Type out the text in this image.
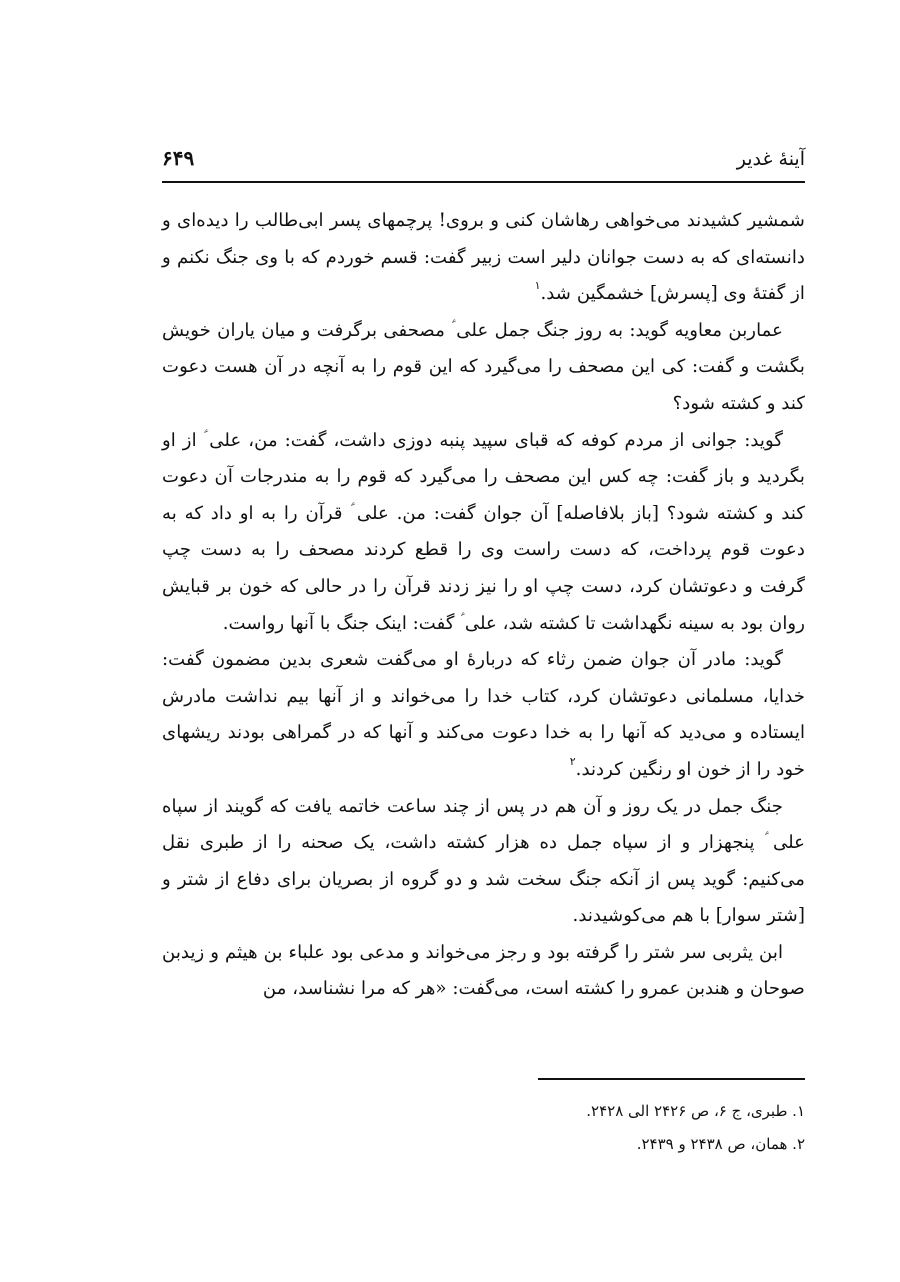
آینهٔ غدیر
۶۴۹

شمشیر کشیدند می‌خواهی رهاشان کنی و بروی! پرچمهای پسر ابی‌طالب را دیده‌ای و دانسته‌ای که به دست جوانان دلیر است زبیر گفت: قسم خوردم که با وی جنگ نکنم و از گفتهٔ وی [پسرش] خشمگین شد.$^۱$

عماربن معاویه گوید: به روز جنگ جمل علی ؑ مصحفی برگرفت و میان یاران خویش بگشت و گفت: کی این مصحف را می‌گیرد که این قوم را به آنچه در آن هست دعوت کند و کشته شود؟

گوید: جوانی از مردم کوفه که قبای سپید پنبه دوزی داشت، گفت: من، علی ؑ از او بگردید و باز گفت: چه کس این مصحف را می‌گیرد که قوم را به مندرجات آن دعوت کند و کشته شود؟ [باز بلافاصله] آن جوان گفت: من. علی ؑ قرآن را به او داد که به دعوت قوم پرداخت، که دست راست وی را قطع کردند مصحف را به دست چپ گرفت و دعوتشان کرد، دست چپ او را نیز زدند قرآن را در حالی که خون بر قبایش روان بود به سینه نگهداشت تا کشته شد، علی ؑ گفت: اینک جنگ با آنها رواست.

گوید: مادر آن جوان ضمن رثاء که دربارهٔ او می‌گفت شعری بدین مضمون گفت: خدایا، مسلمانی دعوتشان کرد، کتاب خدا را می‌خواند و از آنها بیم نداشت مادرش ایستاده و می‌دید که آنها را به خدا دعوت می‌کند و آنها که در گمراهی بودند ریشهای خود را از خون او رنگین کردند.$^۲$

جنگ جمل در یک روز و آن هم در پس از چند ساعت خاتمه یافت که گویند از سپاه علی ؑ پنجهزار و از سپاه جمل ده هزار کشته داشت، یک صحنه را از طبری نقل می‌کنیم: گوید پس از آنکه جنگ سخت شد و دو گروه از بصریان برای دفاع از شتر و [شتر سوار] با هم می‌کوشیدند.

ابن یثربی سر شتر را گرفته بود و رجز می‌خواند و مدعی بود علباء بن هیثم و زیدبن صوحان و هندبن عمرو را کشته است، می‌گفت: «هر که مرا نشناسد، من

۱. طبری، ج ۶، ص ۲۴۲۶ الی ۲۴۲۸.

۲. همان، ص ۲۴۳۸ و ۲۴۳۹.
